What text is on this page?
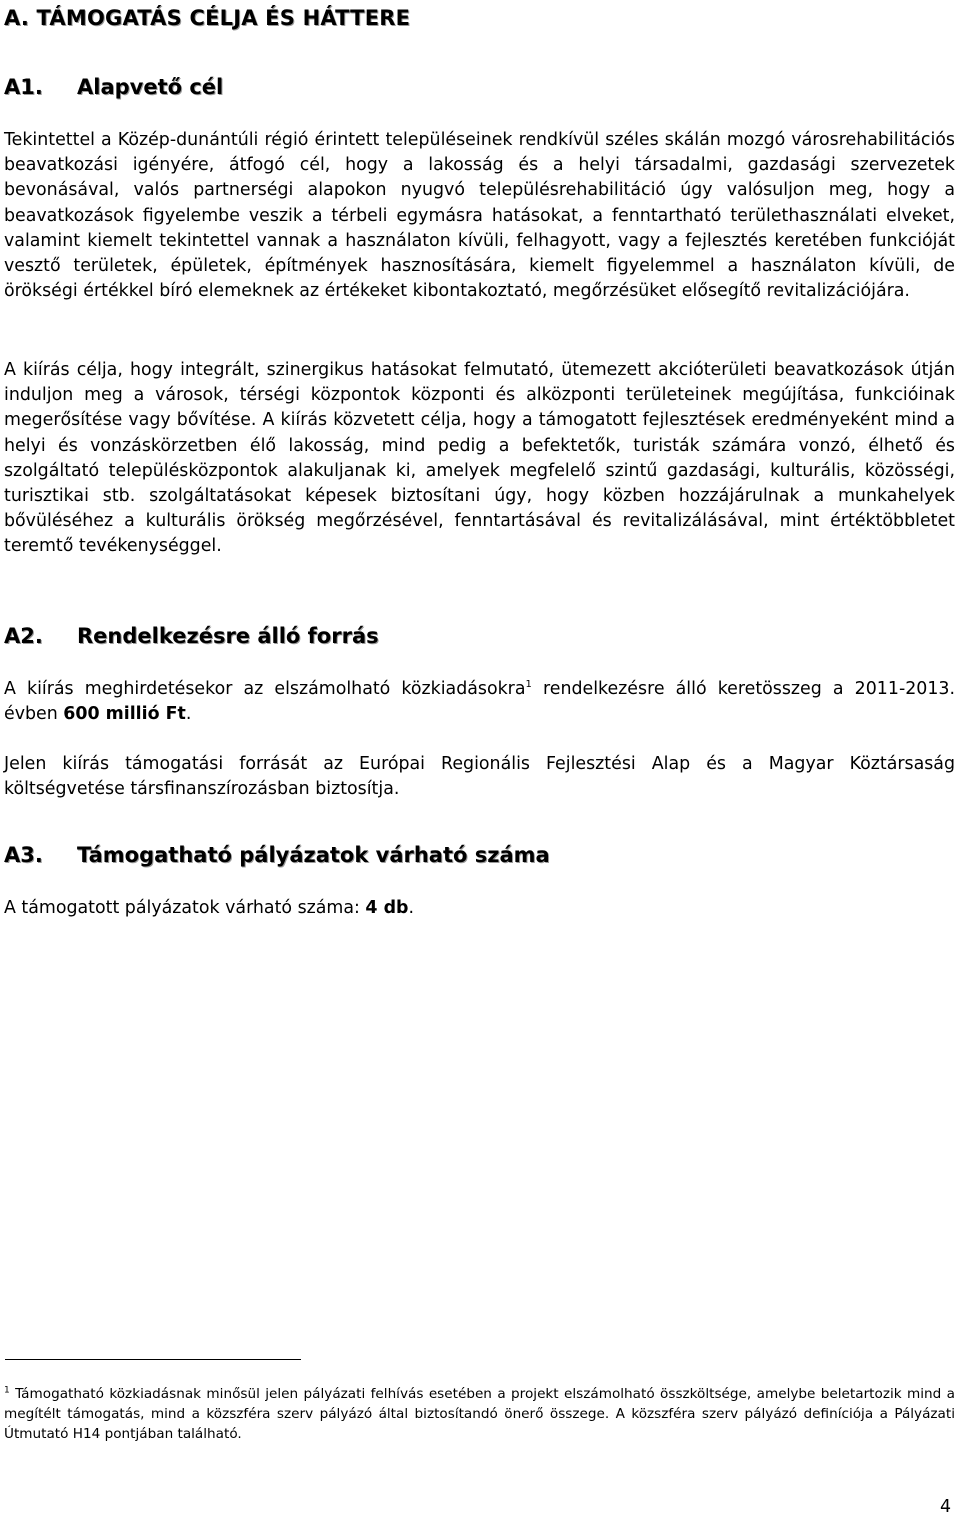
A. TÁMOGATÁS CÉLJA ÉS HÁTTERE
A1. Alapvető cél

Tekintettel a Közép-dunántúli régió érintett településeinek rendkívül széles skálán mozgó városrehabilitációs beavatkozási igényére, átfogó cél, hogy a lakosság és a helyi társadalmi, gazdasági szervezetek bevonásával, valós partnerségi alapokon nyugvó településrehabilitáció úgy valósuljon meg, hogy a beavatkozások figyelembe veszik a térbeli egymásra hatásokat, a fenntartható területhasználati elveket, valamint kiemelt tekintettel vannak a használaton kívüli, felhagyott, vagy a fejlesztés keretében funkcióját vesztő területek, épületek, építmények hasznosítására, kiemelt figyelemmel a használaton kívüli, de örökségi értékkel bíró elemeknek az értékeket kibontakoztató, megőrzésüket elősegítő revitalizációjára.

A kiírás célja, hogy integrált, szinergikus hatásokat felmutató, ütemezett akcióterületi beavatkozások útján induljon meg a városok, térségi központok központi és alközponti területeinek megújítása, funkcióinak megerősítése vagy bővítése. A kiírás közvetett célja, hogy a támogatott fejlesztések eredményeként mind a helyi és vonzáskörzetben élő lakosság, mind pedig a befektetők, turisták számára vonzó, élhető és szolgáltató településközpontok alakuljanak ki, amelyek megfelelő szintű gazdasági, kulturális, közösségi, turisztikai stb. szolgáltatásokat képesek biztosítani úgy, hogy közben hozzájárulnak a munkahelyek bővüléséhez a kulturális örökség megőrzésével, fenntartásával és revitalizálásával, mint értéktöbbletet teremtő tevékenységgel.

A2. Rendelkezésre álló forrás

A kiírás meghirdetésekor az elszámolható közkiadásokra$^1$ rendelkezésre álló keretösszeg a 2011-2013. évben 600 millió Ft.

Jelen kiírás támogatási forrását az Európai Regionális Fejlesztési Alap és a Magyar Köztársaság költségvetése társfinanszírozásban biztosítja.

A3. Támogatható pályázatok várható száma

A támogatott pályázatok várható száma: 4 db.

$^1$ Támogatható közkiadásnak minősül jelen pályázati felhívás esetében a projekt elszámolható összköltsége, amelybe beletartozik mind a megítélt támogatás, mind a közszféra szerv pályázó által biztosítandó önerő összege. A közszféra szerv pályázó definíciója a Pályázati Útmutató H14 pontjában található.

4
